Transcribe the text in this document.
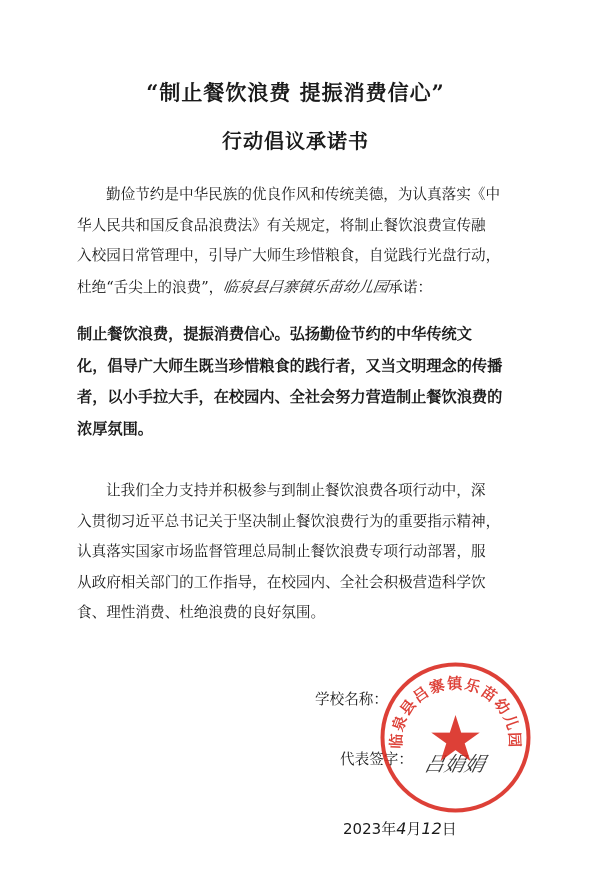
“制止餐饮浪费 提振消费信心”
行动倡议承诺书
勤俭节约是中华民族的优良作风和传统美德，为认真落实《中
华人民共和国反食品浪费法》有关规定，将制止餐饮浪费宣传融
入校园日常管理中，引导广大师生珍惜粮食，自觉践行光盘行动，
杜绝“舌尖上的浪费”，临泉县吕寨镇乐苗幼儿园承诺：
制止餐饮浪费，提振消费信心。弘扬勤俭节约的中华传统文
化，倡导广大师生既当珍惜粮食的践行者，又当文明理念的传播
者，以小手拉大手，在校园内、全社会努力营造制止餐饮浪费的
浓厚氛围。
让我们全力支持并积极参与到制止餐饮浪费各项行动中，深
入贯彻习近平总书记关于坚决制止餐饮浪费行为的重要指示精神，
认真落实国家市场监督管理总局制止餐饮浪费专项行动部署，服
从政府相关部门的工作指导，在校园内、全社会积极营造科学饮
食、理性消费、杜绝浪费的良好氛围。
学校名称：
代表签字： 吕娟娟
2023年4月12日
临泉县吕寨镇乐苗幼儿园
